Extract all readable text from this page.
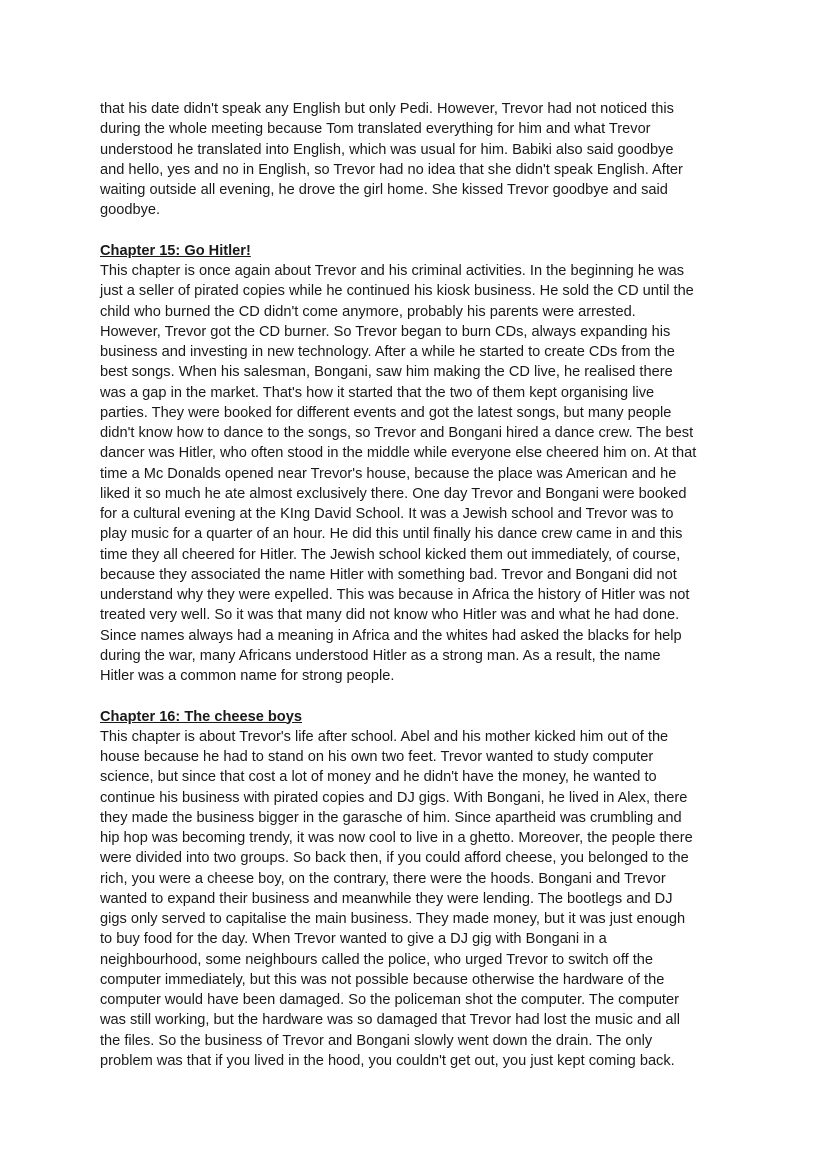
that his date didn't speak any English but only Pedi. However, Trevor had not noticed this
during the whole meeting because Tom translated everything for him and what Trevor
understood he translated into English, which was usual for him. Babiki also said goodbye
and hello, yes and no in English, so Trevor had no idea that she didn't speak English. After
waiting outside all evening, he drove the girl home. She kissed Trevor goodbye and said
goodbye.

Chapter 15: Go Hitler!

This chapter is once again about Trevor and his criminal activities. In the beginning he was
just a seller of pirated copies while he continued his kiosk business. He sold the CD until the
child who burned the CD didn't come anymore, probably his parents were arrested.
However, Trevor got the CD burner. So Trevor began to burn CDs, always expanding his
business and investing in new technology. After a while he started to create CDs from the
best songs. When his salesman, Bongani, saw him making the CD live, he realised there
was a gap in the market. That's how it started that the two of them kept organising live
parties. They were booked for different events and got the latest songs, but many people
didn't know how to dance to the songs, so Trevor and Bongani hired a dance crew. The best
dancer was Hitler, who often stood in the middle while everyone else cheered him on. At that
time a Mc Donalds opened near Trevor's house, because the place was American and he
liked it so much he ate almost exclusively there. One day Trevor and Bongani were booked
for a cultural evening at the KIng David School. It was a Jewish school and Trevor was to
play music for a quarter of an hour. He did this until finally his dance crew came in and this
time they all cheered for Hitler. The Jewish school kicked them out immediately, of course,
because they associated the name Hitler with something bad. Trevor and Bongani did not
understand why they were expelled. This was because in Africa the history of Hitler was not
treated very well. So it was that many did not know who Hitler was and what he had done.
Since names always had a meaning in Africa and the whites had asked the blacks for help
during the war, many Africans understood Hitler as a strong man. As a result, the name
Hitler was a common name for strong people.

Chapter 16: The cheese boys

This chapter is about Trevor's life after school. Abel and his mother kicked him out of the
house because he had to stand on his own two feet. Trevor wanted to study computer
science, but since that cost a lot of money and he didn't have the money, he wanted to
continue his business with pirated copies and DJ gigs. With Bongani, he lived in Alex, there
they made the business bigger in the garasche of him. Since apartheid was crumbling and
hip hop was becoming trendy, it was now cool to live in a ghetto. Moreover, the people there
were divided into two groups. So back then, if you could afford cheese, you belonged to the
rich, you were a cheese boy, on the contrary, there were the hoods. Bongani and Trevor
wanted to expand their business and meanwhile they were lending. The bootlegs and DJ
gigs only served to capitalise the main business. They made money, but it was just enough
to buy food for the day. When Trevor wanted to give a DJ gig with Bongani in a
neighbourhood, some neighbours called the police, who urged Trevor to switch off the
computer immediately, but this was not possible because otherwise the hardware of the
computer would have been damaged. So the policeman shot the computer. The computer
was still working, but the hardware was so damaged that Trevor had lost the music and all
the files. So the business of Trevor and Bongani slowly went down the drain. The only
problem was that if you lived in the hood, you couldn't get out, you just kept coming back.
